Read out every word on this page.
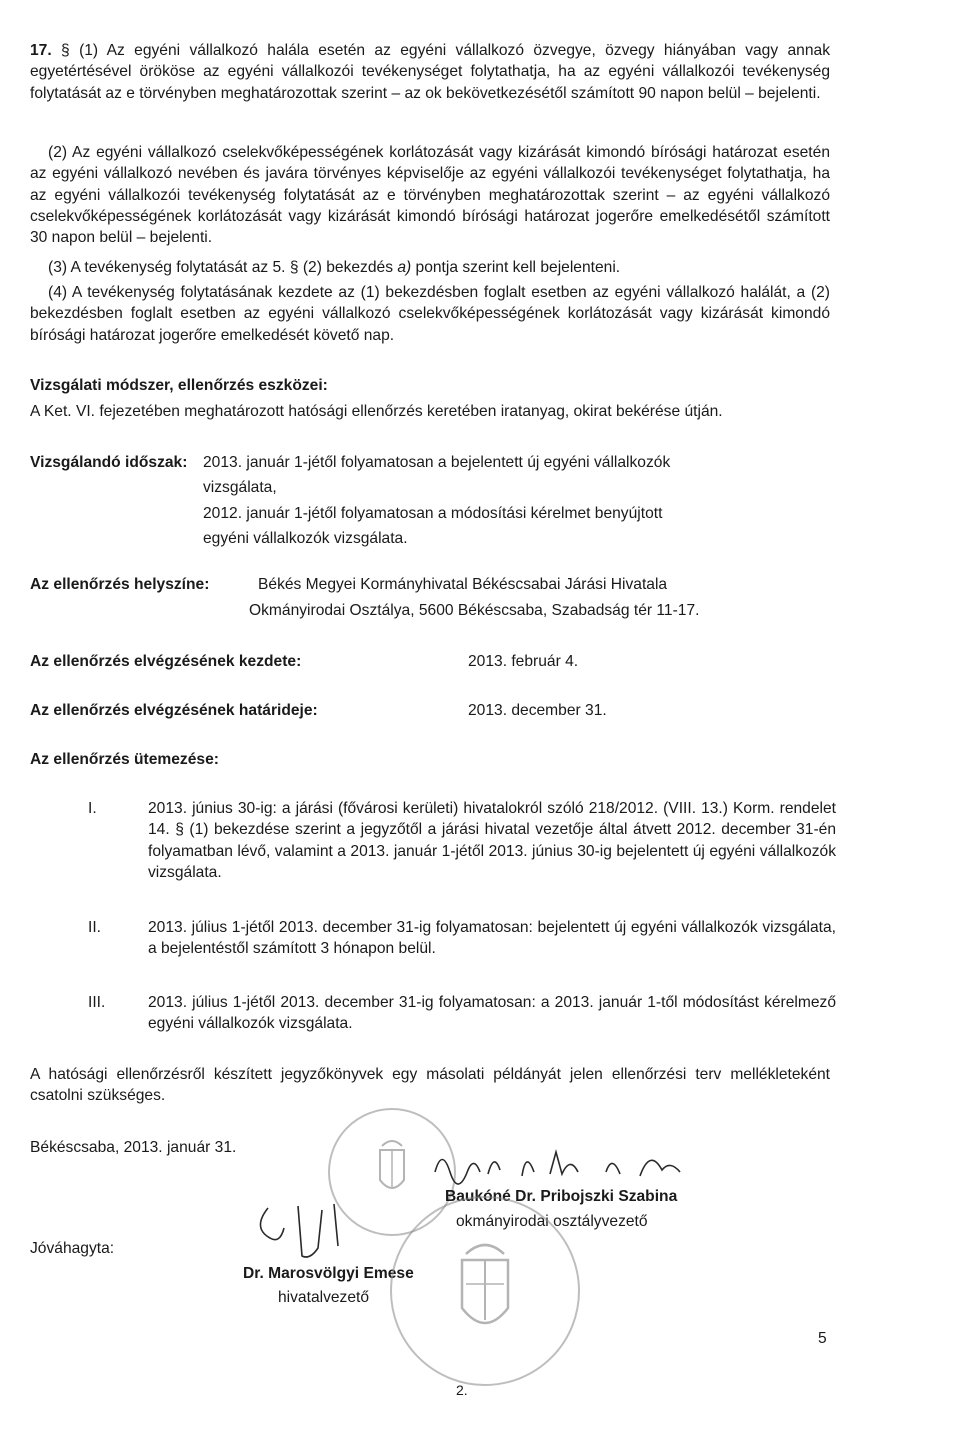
17. § (1) Az egyéni vállalkozó halála esetén az egyéni vállalkozó özvegye, özvegy hiányában vagy annak egyetértésével örököse az egyéni vállalkozói tevékenységet folytathatja, ha az egyéni vállalkozói tevékenység folytatását az e törvényben meghatározottak szerint – az ok bekövetkezésétől számított 90 napon belül – bejelenti.

(2) Az egyéni vállalkozó cselekvőképességének korlátozását vagy kizárását kimondó bírósági határozat esetén az egyéni vállalkozó nevében és javára törvényes képviselője az egyéni vállalkozói tevékenységet folytathatja, ha az egyéni vállalkozói tevékenység folytatását az e törvényben meghatározottak szerint – az egyéni vállalkozó cselekvőképességének korlátozását vagy kizárását kimondó bírósági határozat jogerőre emelkedésétől számított 30 napon belül – bejelenti.

(3) A tevékenység folytatását az 5. § (2) bekezdés a) pontja szerint kell bejelenteni.

(4) A tevékenység folytatásának kezdete az (1) bekezdésben foglalt esetben az egyéni vállalkozó halálát, a (2) bekezdésben foglalt esetben az egyéni vállalkozó cselekvőképességének korlátozását vagy kizárását kimondó bírósági határozat jogerőre emelkedését követő nap.

Vizsgálati módszer, ellenőrzés eszközei:
A Ket. VI. fejezetében meghatározott hatósági ellenőrzés keretében iratanyag, okirat bekérése útján.
Vizsgálandó időszak: 2013. január 1-jétől folyamatosan a bejelentett új egyéni vállalkozók
vizsgálata,
2012. január 1-jétől folyamatosan a módosítási kérelmet benyújtott
egyéni vállalkozók vizsgálata.
Az ellenőrzés helyszíne:	Békés Megyei Kormányhivatal Békéscsabai Járási Hivatala
Okmányirodai Osztálya, 5600 Békéscsaba, Szabadság tér 11-17.
Az ellenőrzés elvégzésének kezdete:	2013. február 4.
Az ellenőrzés elvégzésének határideje:	2013. december 31.
Az ellenőrzés ütemezése:
I.	2013. június 30-ig: a járási (fővárosi kerületi) hivatalokról szóló 218/2012. (VIII. 13.) Korm. rendelet 14. § (1) bekezdése szerint a jegyzőtől a járási hivatal vezetője által átvett 2012. december 31-én folyamatban lévő, valamint a 2013. január 1-jétől 2013. június 30-ig bejelentett új egyéni vállalkozók vizsgálata.

II.	2013. július 1-jétől 2013. december 31-ig folyamatosan: bejelentett új egyéni vállalkozók vizsgálata, a bejelentéstől számított 3 hónapon belül.

III.	2013. július 1-jétől 2013. december 31-ig folyamatosan: a 2013. január 1-től módosítást kérelmező egyéni vállalkozók vizsgálata.

A hatósági ellenőrzésről készített jegyzőkönyvek egy másolati példányát jelen ellenőrzési terv mellékleteként csatolni szükséges.

Békéscsaba, 2013. január 31.
Baukóné Dr. Pribojszki Szabina
okmányirodai osztályvezető
Jóváhagyta:
Dr. Marosvölgyi Emese
hivatalvezető
2.
5
